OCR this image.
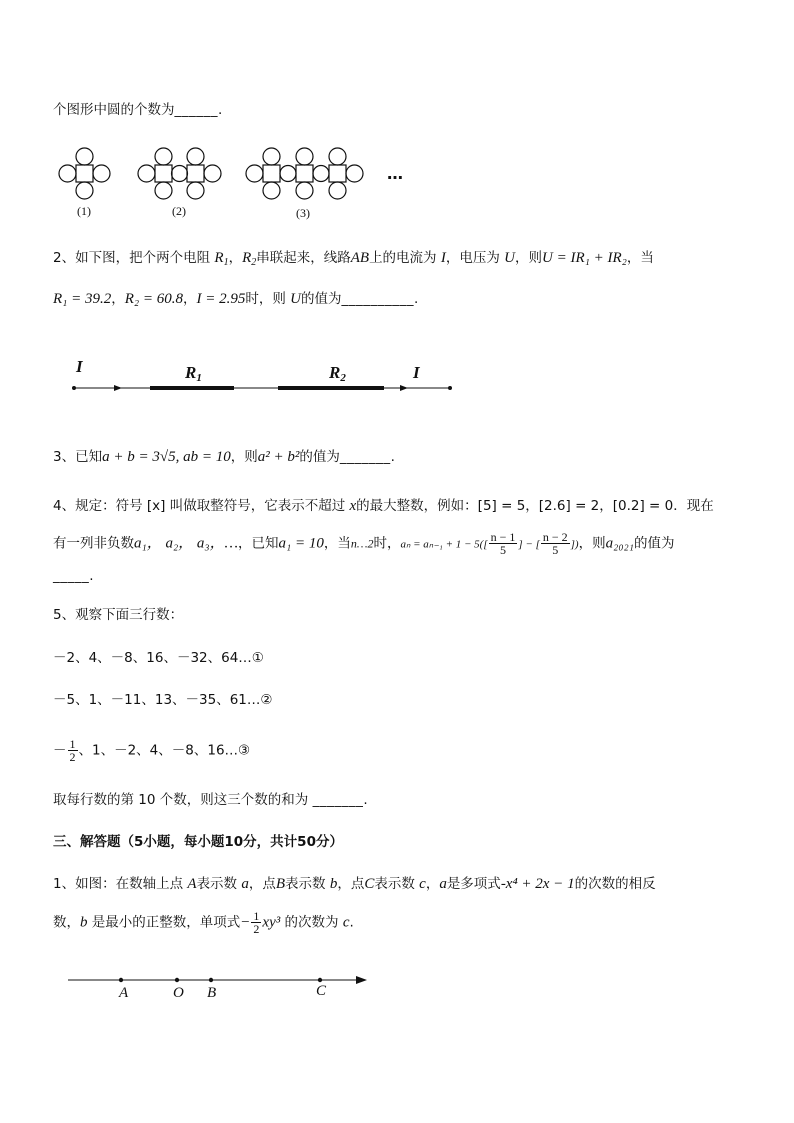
个图形中圆的个数为______.
(1)	(2)	(3)
…
2、如下图，把个两个电阻 $R_1$，$R_2$串联起来，线路AB上的电流为 I，电压为 U，则U = IR₁ + IR₂，当
R₁ = 39.2，R₂ = 60.8，I = 2.95时，则 U的值为__________.
I	$R_1$	$R_2$	I
3、已知a + b = 3√5, ab = 10，则a² + b²的值为_______.
4、规定：符号 [x] 叫做取整符号，它表示不超过 x的最大整数，例如：[5] = 5，[2.6] = 2，[0.2] = 0．现在
有一列非负数a₁， a₂， a₃，…，已知a₁ = 10，当n…2时，$a_n = a_{n-1} + 1 - 5([ \frac{n - 1}{5}$ ] − [ $\frac{n - 2}{5}$ ])，则a₂₀₂₁的值为
_____.
5、观察下面三行数：
－2、4、－8、16、－32、64…①
－5、1、－11、13、－35、61…②
－ $\frac{1}{2}$ 、1、－2、4、－8、16…③
取每行数的第 10 个数，则这三个数的和为 _______.
三、解答题（5小题，每小题10分，共计50分）
1、如图：在数轴上点 A表示数 a，点B表示数 b，点C表示数 c，a是多项式-x⁴ + 2x − 1的次数的相反
数，b 是最小的正整数，单项式− $\frac{1}{2} xy^3$ 的次数为 c.
A	O B	C
